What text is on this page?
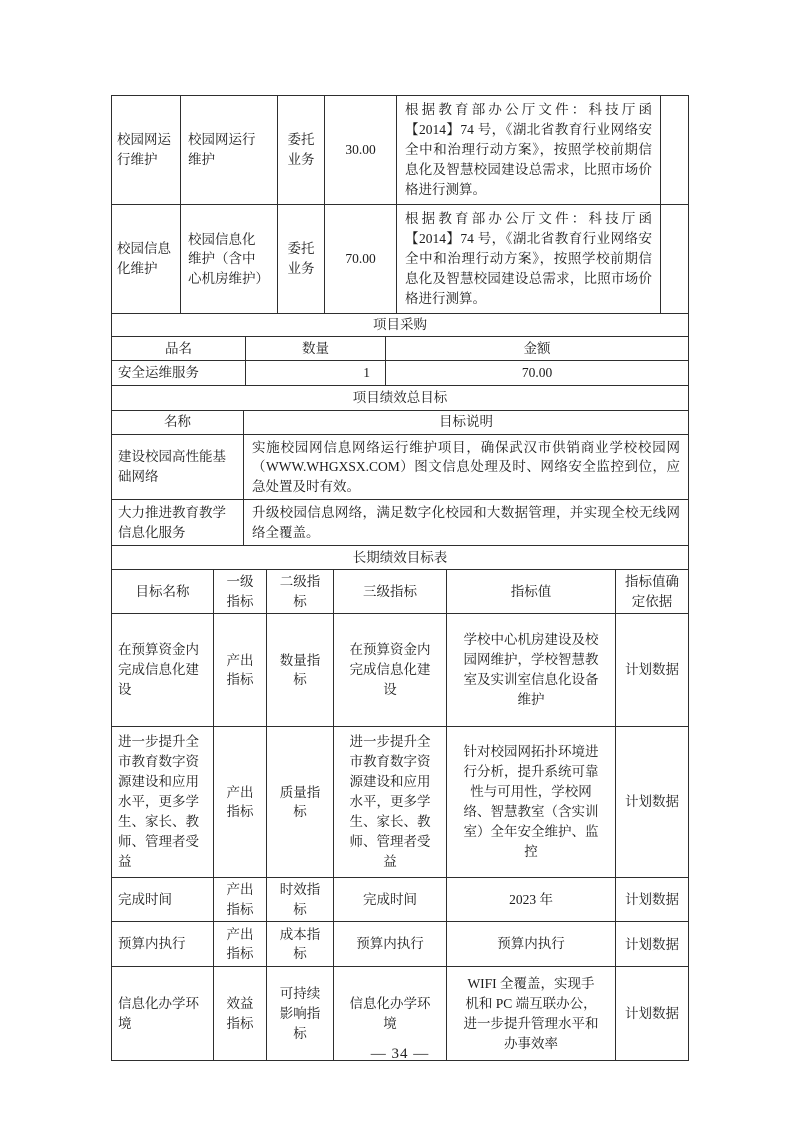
校园网运行维护	校园网运行维护	委托业务	30.00	根据教育部办公厅文件：科技厅函【2014】74 号，《湖北省教育行业网络安全中和治理行动方案》，按照学校前期信息化及智慧校园建设总需求，比照市场价格进行测算。	
校园信息化维护	校园信息化维护（含中心机房维护）	委托业务	70.00	根据教育部办公厅文件：科技厅函【2014】74 号，《湖北省教育行业网络安全中和治理行动方案》，按照学校前期信息化及智慧校园建设总需求，比照市场价格进行测算。	
项目采购		
品名	数量	金额
安全运维服务	1	70.00
项目绩效总目标	
名称	目标说明
建设校园高性能基础网络	实施校园网信息网络运行维护项目，确保武汉市供销商业学校校园网（WWW.WHGXSX.COM）图文信息处理及时、网络安全监控到位，应急处置及时有效。
大力推进教育教学信息化服务	升级校园信息网络，满足数字化校园和大数据管理，并实现全校无线网络全覆盖。
长期绩效目标表					
目标名称	一级指标	二级指标	三级指标	指标值	指标值确定依据
在预算资金内完成信息化建设	产出指标	数量指标	在预算资金内完成信息化建设	学校中心机房建设及校园网维护，学校智慧教室及实训室信息化设备维护	计划数据
进一步提升全市教育数字资源建设和应用水平，更多学生、家长、教师、管理者受益	产出指标	质量指标	进一步提升全市教育数字资源建设和应用水平，更多学生、家长、教师、管理者受益	针对校园网拓扑环境进行分析，提升系统可靠性与可用性，学校网络、智慧教室（含实训室）全年安全维护、监控	计划数据
完成时间	产出指标	时效指标	完成时间	2023 年	计划数据
预算内执行	产出指标	成本指标	预算内执行	预算内执行	计划数据
信息化办学环境	效益指标	可持续影响指标	信息化办学环境	WIFI 全覆盖，实现手机和 PC 端互联办公，进一步提升管理水平和办事效率	计划数据
— 34 —
